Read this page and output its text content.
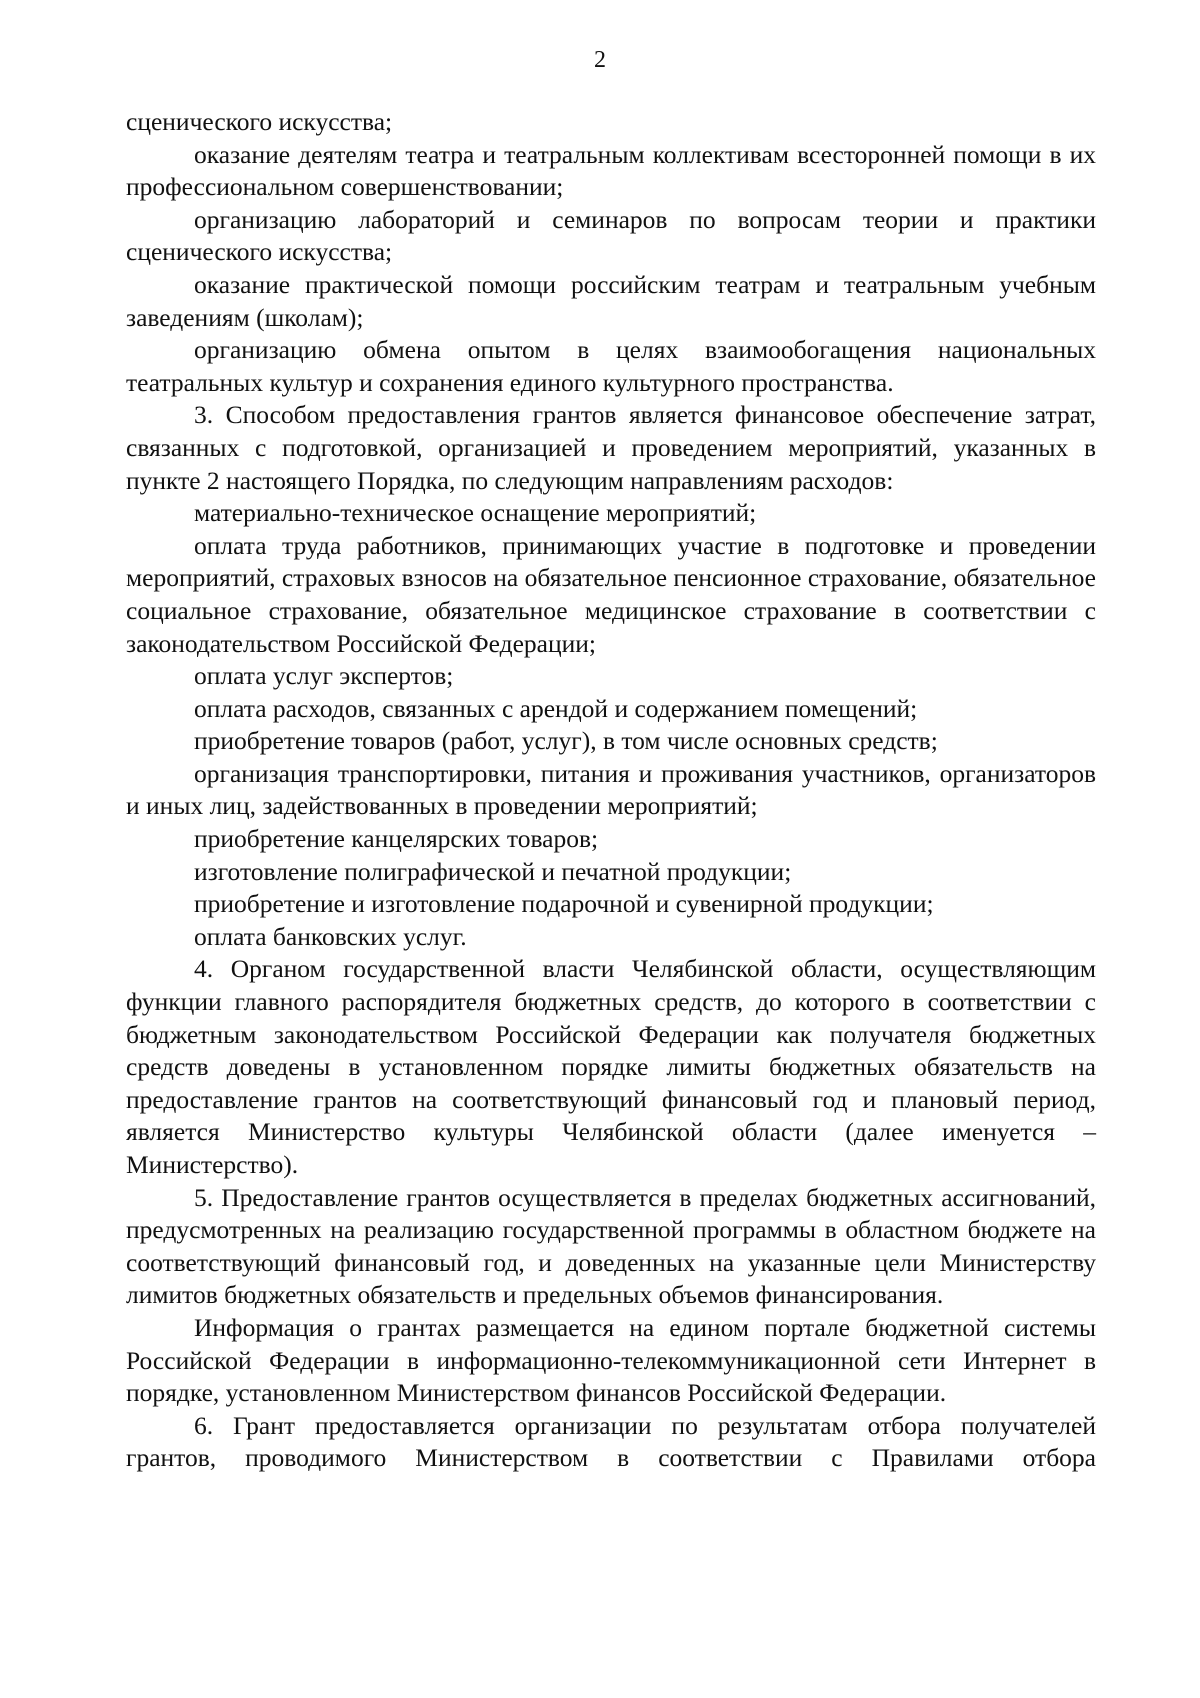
2

сценического искусства;

оказание деятелям театра и театральным коллективам всесторонней помощи в их профессиональном совершенствовании;

организацию лабораторий и семинаров по вопросам теории и практики сценического искусства;

оказание практической помощи российским театрам и театральным учебным заведениям (школам);

организацию обмена опытом в целях взаимообогащения национальных театральных культур и сохранения единого культурного пространства.

3. Способом предоставления грантов является финансовое обеспечение затрат, связанных с подготовкой, организацией и проведением мероприятий, указанных в пункте 2 настоящего Порядка, по следующим направлениям расходов:

материально-техническое оснащение мероприятий;

оплата труда работников, принимающих участие в подготовке и проведении мероприятий, страховых взносов на обязательное пенсионное страхование, обязательное социальное страхование, обязательное медицинское страхование в соответствии с законодательством Российской Федерации;

оплата услуг экспертов;

оплата расходов, связанных с арендой и содержанием помещений;

приобретение товаров (работ, услуг), в том числе основных средств;

организация транспортировки, питания и проживания участников, организаторов и иных лиц, задействованных в проведении мероприятий;

приобретение канцелярских товаров;

изготовление полиграфической и печатной продукции;

приобретение и изготовление подарочной и сувенирной продукции;

оплата банковских услуг.

4. Органом государственной власти Челябинской области, осуществляющим функции главного распорядителя бюджетных средств, до которого в соответствии с бюджетным законодательством Российской Федерации как получателя бюджетных средств доведены в установленном порядке лимиты бюджетных обязательств на предоставление грантов на соответствующий финансовый год и плановый период, является Министерство культуры Челябинской области (далее именуется – Министерство).

5. Предоставление грантов осуществляется в пределах бюджетных ассигнований, предусмотренных на реализацию государственной программы в областном бюджете на соответствующий финансовый год, и доведенных на указанные цели Министерству лимитов бюджетных обязательств и предельных объемов финансирования.

Информация о грантах размещается на едином портале бюджетной системы Российской Федерации в информационно-телекоммуникационной сети Интернет в порядке, установленном Министерством финансов Российской Федерации.

6. Грант предоставляется организации по результатам отбора получателей грантов, проводимого Министерством в соответствии с Правилами отбора
